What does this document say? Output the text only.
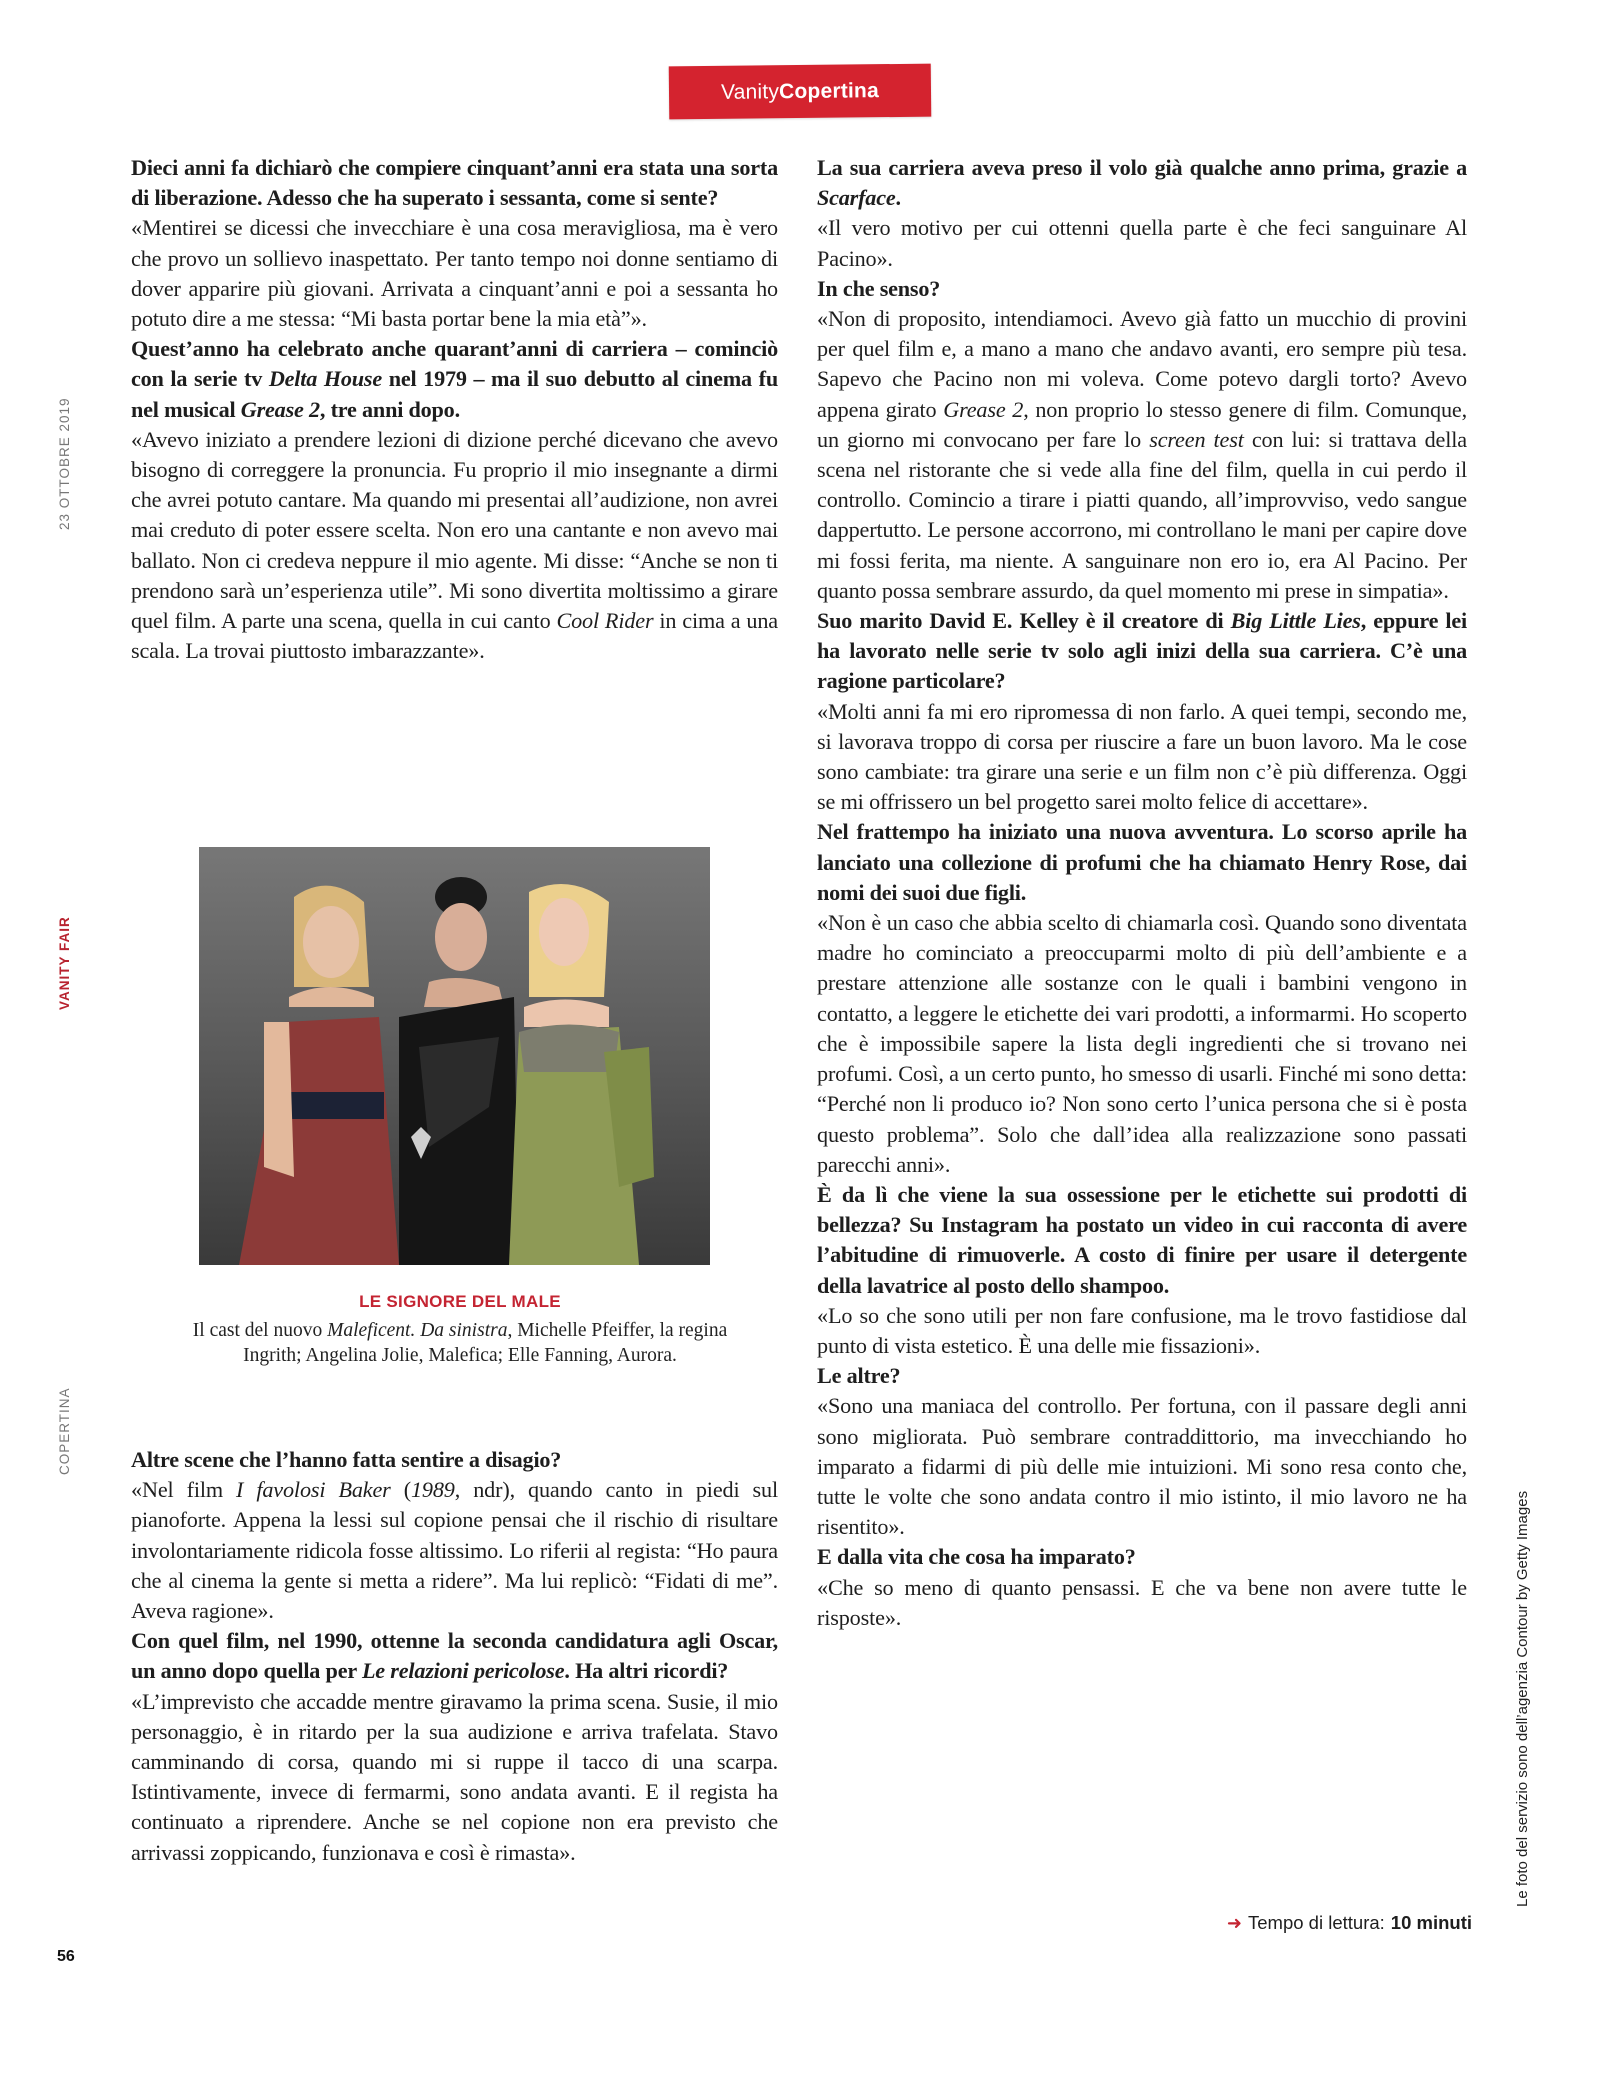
Vanity Copertina
23 OTTOBRE 2019
VANITY FAIR
COPERTINA
56
Le foto del servizio sono dell’agenzia Contour by Getty Images

Dieci anni fa dichiarò che compiere cinquant’anni era stata una sorta di liberazione. Adesso che ha superato i sessanta, come si sente?

«Mentirei se dicessi che invecchiare è una cosa meravigliosa, ma è vero che provo un sollievo inaspettato. Per tanto tempo noi donne sentiamo di dover apparire più giovani. Arrivata a cinquant’anni e poi a sessanta ho potuto dire a me stessa: “Mi basta portar bene la mia età”».

Quest’anno ha celebrato anche quarant’anni di carriera – cominciò con la serie tv Delta House nel 1979 – ma il suo debutto al cinema fu nel musical Grease 2, tre anni dopo.

«Avevo iniziato a prendere lezioni di dizione perché dicevano che avevo bisogno di correggere la pronuncia. Fu proprio il mio insegnante a dirmi che avrei potuto cantare. Ma quando mi presentai all’audizione, non avrei mai creduto di poter essere scelta. Non ero una cantante e non avevo mai ballato. Non ci credeva neppure il mio agente. Mi disse: “Anche se non ti prendono sarà un’esperienza utile”. Mi sono divertita moltissimo a girare quel film. A parte una scena, quella in cui canto Cool Rider in cima a una scala. La trovai piuttosto imbarazzante».

LE SIGNORE DEL MALE
Il cast del nuovo Maleficent. Da sinistra, Michelle Pfeiffer, la regina Ingrith; Angelina Jolie, Malefica; Elle Fanning, Aurora.

Altre scene che l’hanno fatta sentire a disagio?

«Nel film I favolosi Baker (1989, ndr), quando canto in piedi sul pianoforte. Appena la lessi sul copione pensai che il rischio di risultare involontariamente ridicola fosse altissimo. Lo riferii al regista: “Ho paura che al cinema la gente si metta a ridere”. Ma lui replicò: “Fidati di me”. Aveva ragione».

Con quel film, nel 1990, ottenne la seconda candidatura agli Oscar, un anno dopo quella per Le relazioni pericolose. Ha altri ricordi?

«L’imprevisto che accadde mentre giravamo la prima scena. Susie, il mio personaggio, è in ritardo per la sua audizione e arriva trafelata. Stavo camminando di corsa, quando mi si ruppe il tacco di una scarpa. Istintivamente, invece di fermarmi, sono andata avanti. E il regista ha continuato a riprendere. Anche se nel copione non era previsto che arrivassi zoppicando, funzionava e così è rimasta».

La sua carriera aveva preso il volo già qualche anno prima, grazie a Scarface.

«Il vero motivo per cui ottenni quella parte è che feci sanguinare Al Pacino».

In che senso?

«Non di proposito, intendiamoci. Avevo già fatto un mucchio di provini per quel film e, a mano a mano che andavo avanti, ero sempre più tesa. Sapevo che Pacino non mi voleva. Come potevo dargli torto? Avevo appena girato Grease 2, non proprio lo stesso genere di film. Comunque, un giorno mi convocano per fare lo screen test con lui: si trattava della scena nel ristorante che si vede alla fine del film, quella in cui perdo il controllo. Comincio a tirare i piatti quando, all’improvviso, vedo sangue dappertutto. Le persone accorrono, mi controllano le mani per capire dove mi fossi ferita, ma niente. A sanguinare non ero io, era Al Pacino. Per quanto possa sembrare assurdo, da quel momento mi prese in simpatia».

Suo marito David E. Kelley è il creatore di Big Little Lies, eppure lei ha lavorato nelle serie tv solo agli inizi della sua carriera. C’è una ragione particolare?

«Molti anni fa mi ero ripromessa di non farlo. A quei tempi, secondo me, si lavorava troppo di corsa per riuscire a fare un buon lavoro. Ma le cose sono cambiate: tra girare una serie e un film non c’è più differenza. Oggi se mi offrissero un bel progetto sarei molto felice di accettare».

Nel frattempo ha iniziato una nuova avventura. Lo scorso aprile ha lanciato una collezione di profumi che ha chiamato Henry Rose, dai nomi dei suoi due figli.

«Non è un caso che abbia scelto di chiamarla così. Quando sono diventata madre ho cominciato a preoccuparmi molto di più dell’ambiente e a prestare attenzione alle sostanze con le quali i bambini vengono in contatto, a leggere le etichette dei vari prodotti, a informarmi. Ho scoperto che è impossibile sapere la lista degli ingredienti che si trovano nei profumi. Così, a un certo punto, ho smesso di usarli. Finché mi sono detta: “Perché non li produco io? Non sono certo l’unica persona che si è posta questo problema”. Solo che dall’idea alla realizzazione sono passati parecchi anni».

È da lì che viene la sua ossessione per le etichette sui prodotti di bellezza? Su Instagram ha postato un video in cui racconta di avere l’abitudine di rimuoverle. A costo di finire per usare il detergente della lavatrice al posto dello shampoo.

«Lo so che sono utili per non fare confusione, ma le trovo fastidiose dal punto di vista estetico. È una delle mie fissazioni».

Le altre?

«Sono una maniaca del controllo. Per fortuna, con il passare degli anni sono migliorata. Può sembrare contraddittorio, ma invecchiando ho imparato a fidarmi di più delle mie intuizioni. Mi sono resa conto che, tutte le volte che sono andata contro il mio istinto, il mio lavoro ne ha risentito».

E dalla vita che cosa ha imparato?

«Che so meno di quanto pensassi. E che va bene non avere tutte le risposte».

➜ Tempo di lettura: 10 minuti
